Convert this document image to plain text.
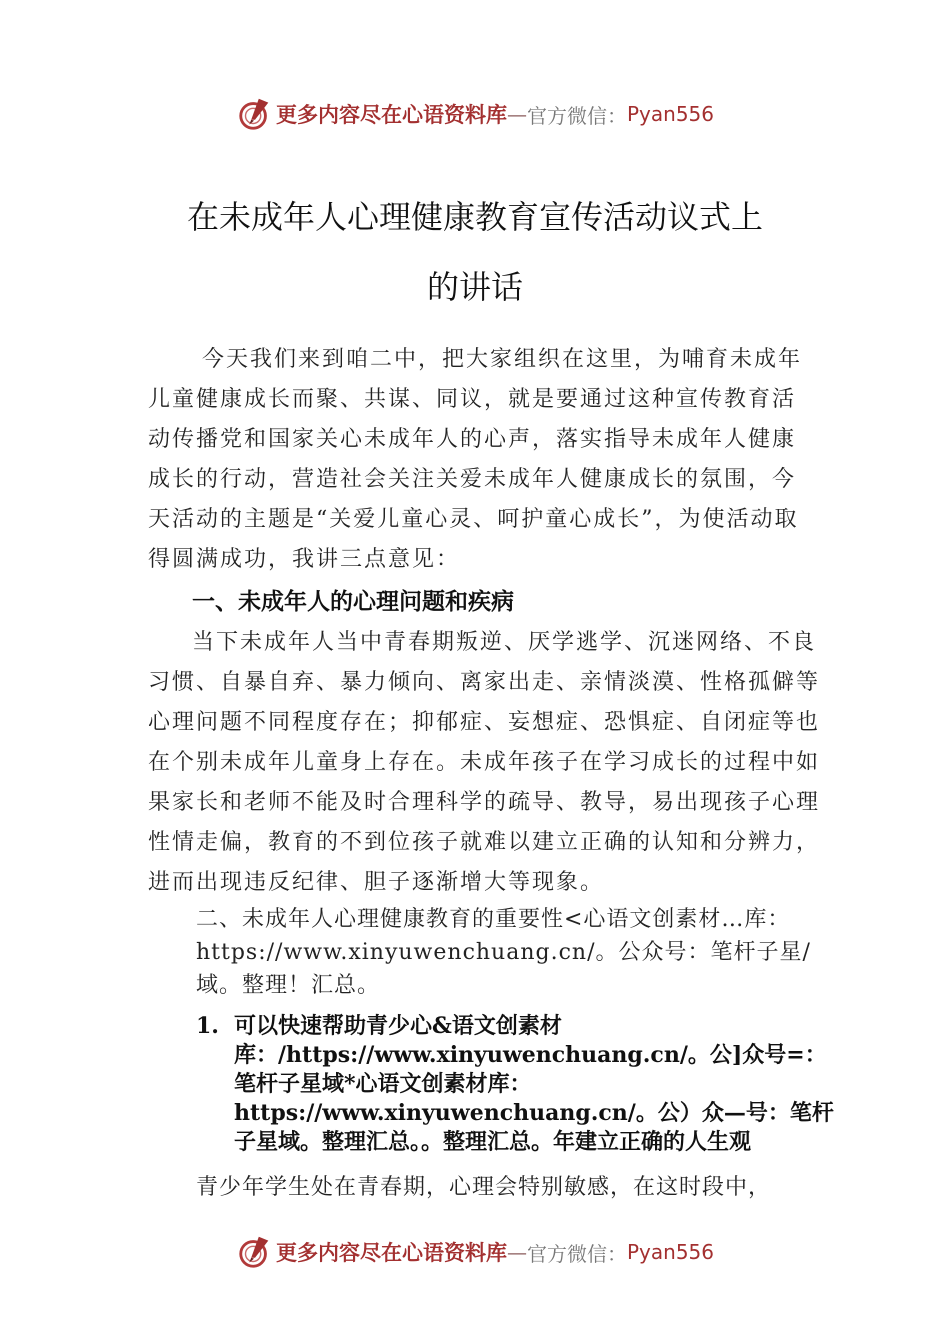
更多内容尽在心语资料库 — 官方微信： Pyan556
在未成年人心理健康教育宣传活动议式上
的讲话
今天我们来到咱二中，把大家组织在这里，为哺育未成年儿童健康成长而聚、共谋、同议，就是要通过这种宣传教育活动传播党和国家关心未成年人的心声，落实指导未成年人健康成长的行动，营造社会关注关爱未成年人健康成长的氛围，今天活动的主题是“关爱儿童心灵、呵护童心成长”，为使活动取得圆满成功，我讲三点意见：
一、未成年人的心理问题和疾病
当下未成年人当中青春期叛逆、厌学逃学、沉迷网络、不良习惯、自暴自弃、暴力倾向、离家出走、亲情淡漠、性格孤僻等心理问题不同程度存在；抑郁症、妄想症、恐惧症、自闭症等也在个别未成年儿童身上存在。未成年孩子在学习成长的过程中如果家长和老师不能及时合理科学的疏导、教导，易出现孩子心理性情走偏，教育的不到位孩子就难以建立正确的认知和分辨力，进而出现违反纪律、胆子逐渐增大等现象。
二、未成年人心理健康教育的重要性<心语文创素材…库：https://www.xinyuwenchuang.cn/。公众号：笔杆子星/域。整理！汇总。
1. 可以快速帮助青少心&语文创素材库：/https://www.xinyuwenchuang.cn/。公]众号=：笔杆子星域*心语文创素材库：https://www.xinyuwenchuang.cn/。公）众—号：笔杆子星域。整理汇总。。整理汇总。年建立正确的人生观
青少年学生处在青春期，心理会特别敏感，在这时段中，
更多内容尽在心语资料库 — 官方微信： Pyan556
